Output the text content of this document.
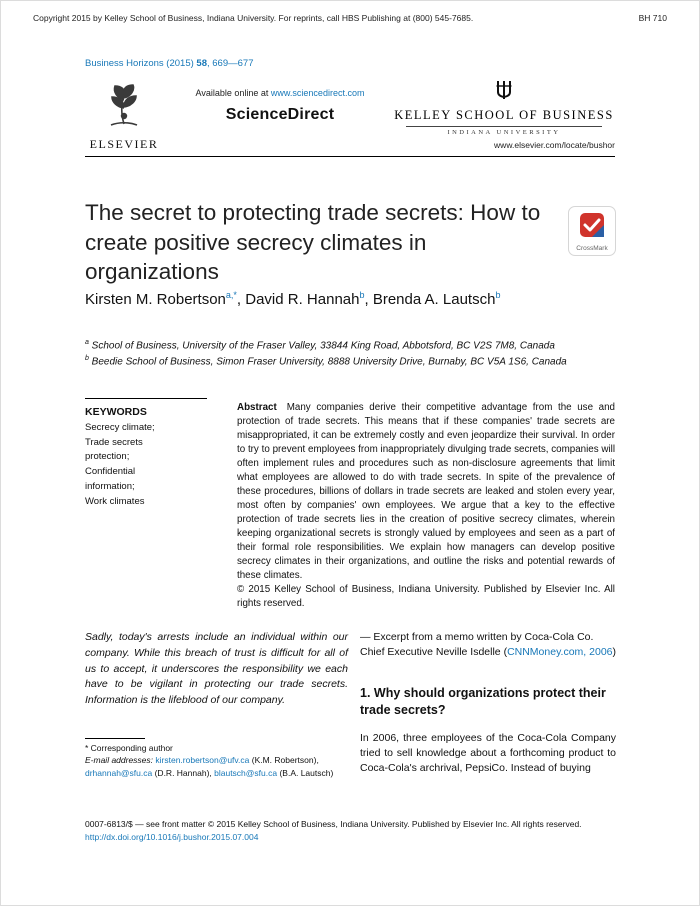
Copyright 2015 by Kelley School of Business, Indiana University. For reprints, call HBS Publishing at (800) 545-7685.	BH 710
Business Horizons (2015) 58, 669—677
ELSEVIER
Available online at www.sciencedirect.com
ScienceDirect	KELLEY SCHOOL OF BUSINESS
INDIANA UNIVERSITY
www.elsevier.com/locate/bushor
The secret to protecting trade secrets: How to create positive secrecy climates in organizations
CrossMark
Kirsten M. Robertson$^{a,*}$, David R. Hannah$^b$, Brenda A. Lautsch$^b$
$^a$ School of Business, University of the Fraser Valley, 33844 King Road, Abbotsford, BC V2S 7M8, Canada
$^b$ Beedie School of Business, Simon Fraser University, 8888 University Drive, Burnaby, BC V5A 1S6, Canada
KEYWORDS
Secrecy climate;
Trade secrets
protection;
Confidential
information;
Work climates
Abstract Many companies derive their competitive advantage from the use and protection of trade secrets. This means that if these companies' trade secrets are misappropriated, it can be extremely costly and even jeopardize their survival. In order to try to prevent employees from inappropriately divulging trade secrets, companies will often implement rules and procedures such as non-disclosure agreements that limit what employees are allowed to do with trade secrets. In spite of the prevalence of these procedures, billions of dollars in trade secrets are leaked and stolen every year, most often by companies' own employees. We argue that a key to the effective protection of trade secrets lies in the creation of positive secrecy climates, wherein keeping organizational secrets is strongly valued by employees and seen as a part of their formal role responsibilities. We explain how managers can develop positive secrecy climates in their organizations, and outline the risks and potential rewards of these climates.
© 2015 Kelley School of Business, Indiana University. Published by Elsevier Inc. All rights reserved.
Sadly, today's arrests include an individual within our company. While this breach of trust is difficult for all of us to accept, it underscores the responsibility we each have to be vigilant in protecting our trade secrets. Information is the lifeblood of our company.
— Excerpt from a memo written by Coca-Cola Co. Chief Executive Neville Isdelle (CNNMoney.com, 2006)
1. Why should organizations protect their trade secrets?
In 2006, three employees of the Coca-Cola Company tried to sell knowledge about a forthcoming product to Coca-Cola's archrival, PepsiCo. Instead of buying
* Corresponding author
E-mail addresses: kirsten.robertson@ufv.ca (K.M. Robertson), drhannah@sfu.ca (D.R. Hannah), blautsch@sfu.ca (B.A. Lautsch)
0007-6813/$ — see front matter © 2015 Kelley School of Business, Indiana University. Published by Elsevier Inc. All rights reserved.
http://dx.doi.org/10.1016/j.bushor.2015.07.004
